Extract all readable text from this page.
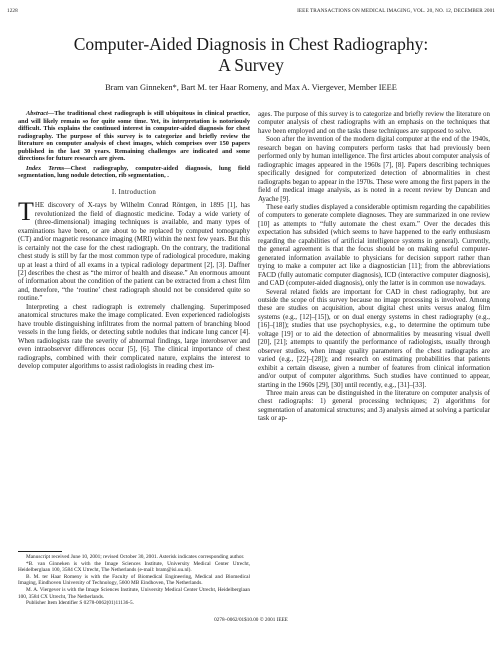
1228	IEEE TRANSACTIONS ON MEDICAL IMAGING, VOL. 20, NO. 12, DECEMBER 2001
Computer-Aided Diagnosis in Chest Radiography:
A Survey
Bram van Ginneken*, Bart M. ter Haar Romeny, and Max A. Viergever, Member IEEE

Abstract—The traditional chest radiograph is still ubiquitous in clinical practice, and will likely remain so for quite some time. Yet, its interpretation is notoriously difficult. This explains the continued interest in computer-aided diagnosis for chest radiography. The purpose of this survey is to categorize and briefly review the literature on computer analysis of chest images, which comprises over 150 papers published in the last 30 years. Remaining challenges are indicated and some directions for future research are given.

Index Terms—Chest radiography, computer-aided diagnosis, lung field segmentation, lung nodule detection, rib segmentation, .

I. Introduction

THE discovery of X-rays by Wilhelm Conrad Röntgen, in 1895 [1], has revolutionized the field of diagnostic medicine. Today a wide variety of (three-dimensional) imaging techniques is available, and many types of examinations have been, or are about to be replaced by computed tomography (CT) and/or magnetic resonance imaging (MRI) within the next few years. But this is certainly not the case for the chest radiograph. On the contrary, the traditional chest study is still by far the most common type of radiological procedure, making up at least a third of all exams in a typical radiology department [2], [3]. Daffner [2] describes the chest as “the mirror of health and disease.” An enormous amount of information about the condition of the patient can be extracted from a chest film and, therefore, “the ‘routine’ chest radiograph should not be considered quite so routine.”

Interpreting a chest radiograph is extremely challenging. Superimposed anatomical structures make the image complicated. Even experienced radiologists have trouble distinguishing infiltrates from the normal pattern of branching blood vessels in the lung fields, or detecting subtle nodules that indicate lung cancer [4]. When radiologists rate the severity of abnormal findings, large interobserver and even intraobserver differences occur [5], [6]. The clinical importance of chest radiographs, combined with their complicated nature, explains the interest to develop computer algorithms to assist radiologists in reading chest im-

Manuscript received June 10, 2001; revised October 30, 2001. Asterisk indicates corresponding author.

*B. van Ginneken is with the Image Sciences Institute, University Medical Center Utrecht, Heidelberglaan 100, 3584 CX Utrecht, The Netherlands (e-mail: bram@isi.uu.nl).

B. M. ter Haar Romeny is with the Faculty of Biomedical Engineering, Medical and Biomedical Imaging, Eindhoven University of Technology, 5600 MB Eindhoven, The Netherlands.

M. A. Viergever is with the Image Sciences Institute, University Medical Center Utrecht, Heidelberglaan 100, 3584 CX Utrecht, The Netherlands.

Publisher Item Identifier S 0278-0062(01)11136-5.

ages. The purpose of this survey is to categorize and briefly review the literature on computer analysis of chest radiographs with an emphasis on the techniques that have been employed and on the tasks these techniques are supposed to solve.

Soon after the invention of the modern digital computer at the end of the 1940s, research began on having computers perform tasks that had previously been performed only by human intelligence. The first articles about computer analysis of radiographic images appeared in the 1960s [7], [8]. Papers describing techniques specifically designed for computerized detection of abnormalities in chest radiographs began to appear in the 1970s. These were among the first papers in the field of medical image analysis, as is noted in a recent review by Duncan and Ayache [9].

These early studies displayed a considerable optimism regarding the capabilities of computers to generate complete diagnoses. They are summarized in one review [10] as attempts to “fully automate the chest exam.” Over the decades this expectation has subsided (which seems to have happened to the early enthusiasm regarding the capabilities of artificial intelligence systems in general). Currently, the general agreement is that the focus should be on making useful computer-generated information available to physicians for decision support rather than trying to make a computer act like a diagnostician [11]; from the abbreviations FACD (fully automatic computer diagnosis), ICD (interactive computer diagnosis), and CAD (computer-aided diagnosis), only the latter is in common use nowadays.

Several related fields are important for CAD in chest radiography, but are outside the scope of this survey because no image processing is involved. Among these are studies on acquisition, about digital chest units versus analog film systems (e.g., [12]–[15]), or on dual energy systems in chest radiography (e.g., [16]–[18]); studies that use psychophysics, e.g., to determine the optimum tube voltage [19] or to aid the detection of abnormalities by measuring visual dwell [20], [21]; attempts to quantify the performance of radiologists, usually through observer studies, when image quality parameters of the chest radiographs are varied (e.g., [22]–[28]); and research on estimating probabilities that patients exhibit a certain disease, given a number of features from clinical information and/or output of computer algorithms. Such studies have continued to appear, starting in the 1960s [29], [30] until recently, e.g., [31]–[33].

Three main areas can be distinguished in the literature on computer analysis of chest radiographs: 1) general processing techniques; 2) algorithms for segmentation of anatomical structures; and 3) analysis aimed at solving a particular task or ap-

0278–0062/01$10.00 © 2001 IEEE
